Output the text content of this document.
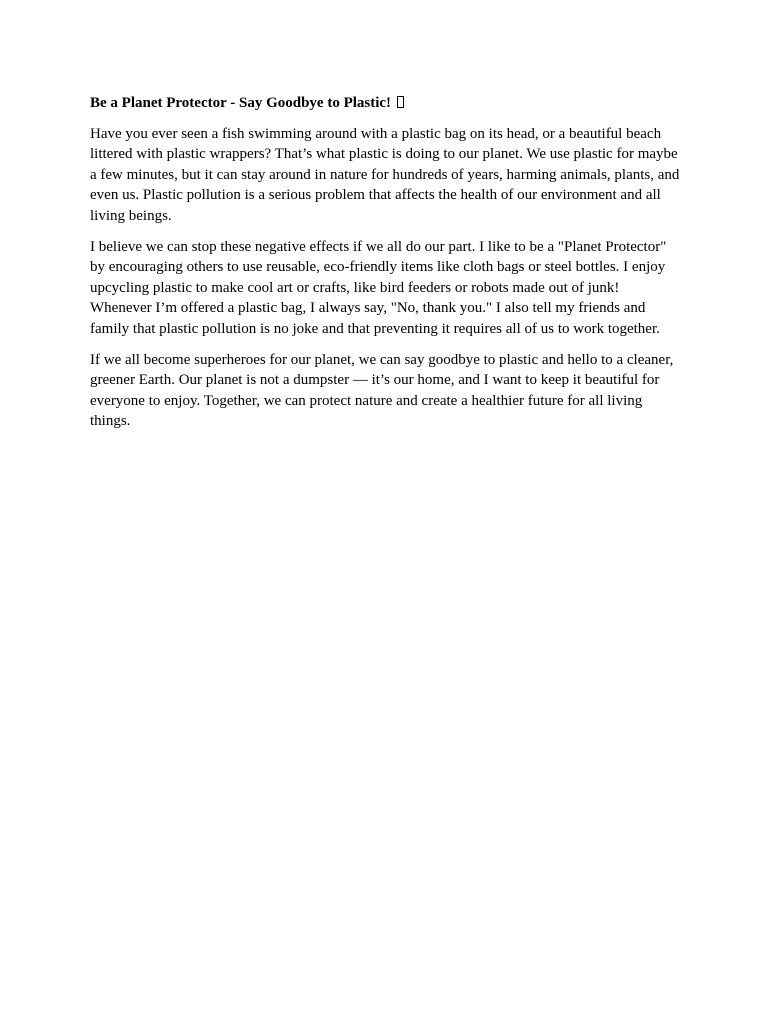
Be a Planet Protector - Say Goodbye to Plastic!

Have you ever seen a fish swimming around with a plastic bag on its head, or a beautiful beach littered with plastic wrappers? That’s what plastic is doing to our planet. We use plastic for maybe a few minutes, but it can stay around in nature for hundreds of years, harming animals, plants, and even us. Plastic pollution is a serious problem that affects the health of our environment and all living beings.

I believe we can stop these negative effects if we all do our part. I like to be a "Planet Protector" by encouraging others to use reusable, eco-friendly items like cloth bags or steel bottles. I enjoy upcycling plastic to make cool art or crafts, like bird feeders or robots made out of junk! Whenever I’m offered a plastic bag, I always say, "No, thank you." I also tell my friends and family that plastic pollution is no joke and that preventing it requires all of us to work together.

If we all become superheroes for our planet, we can say goodbye to plastic and hello to a cleaner, greener Earth. Our planet is not a dumpster — it’s our home, and I want to keep it beautiful for everyone to enjoy. Together, we can protect nature and create a healthier future for all living things.
